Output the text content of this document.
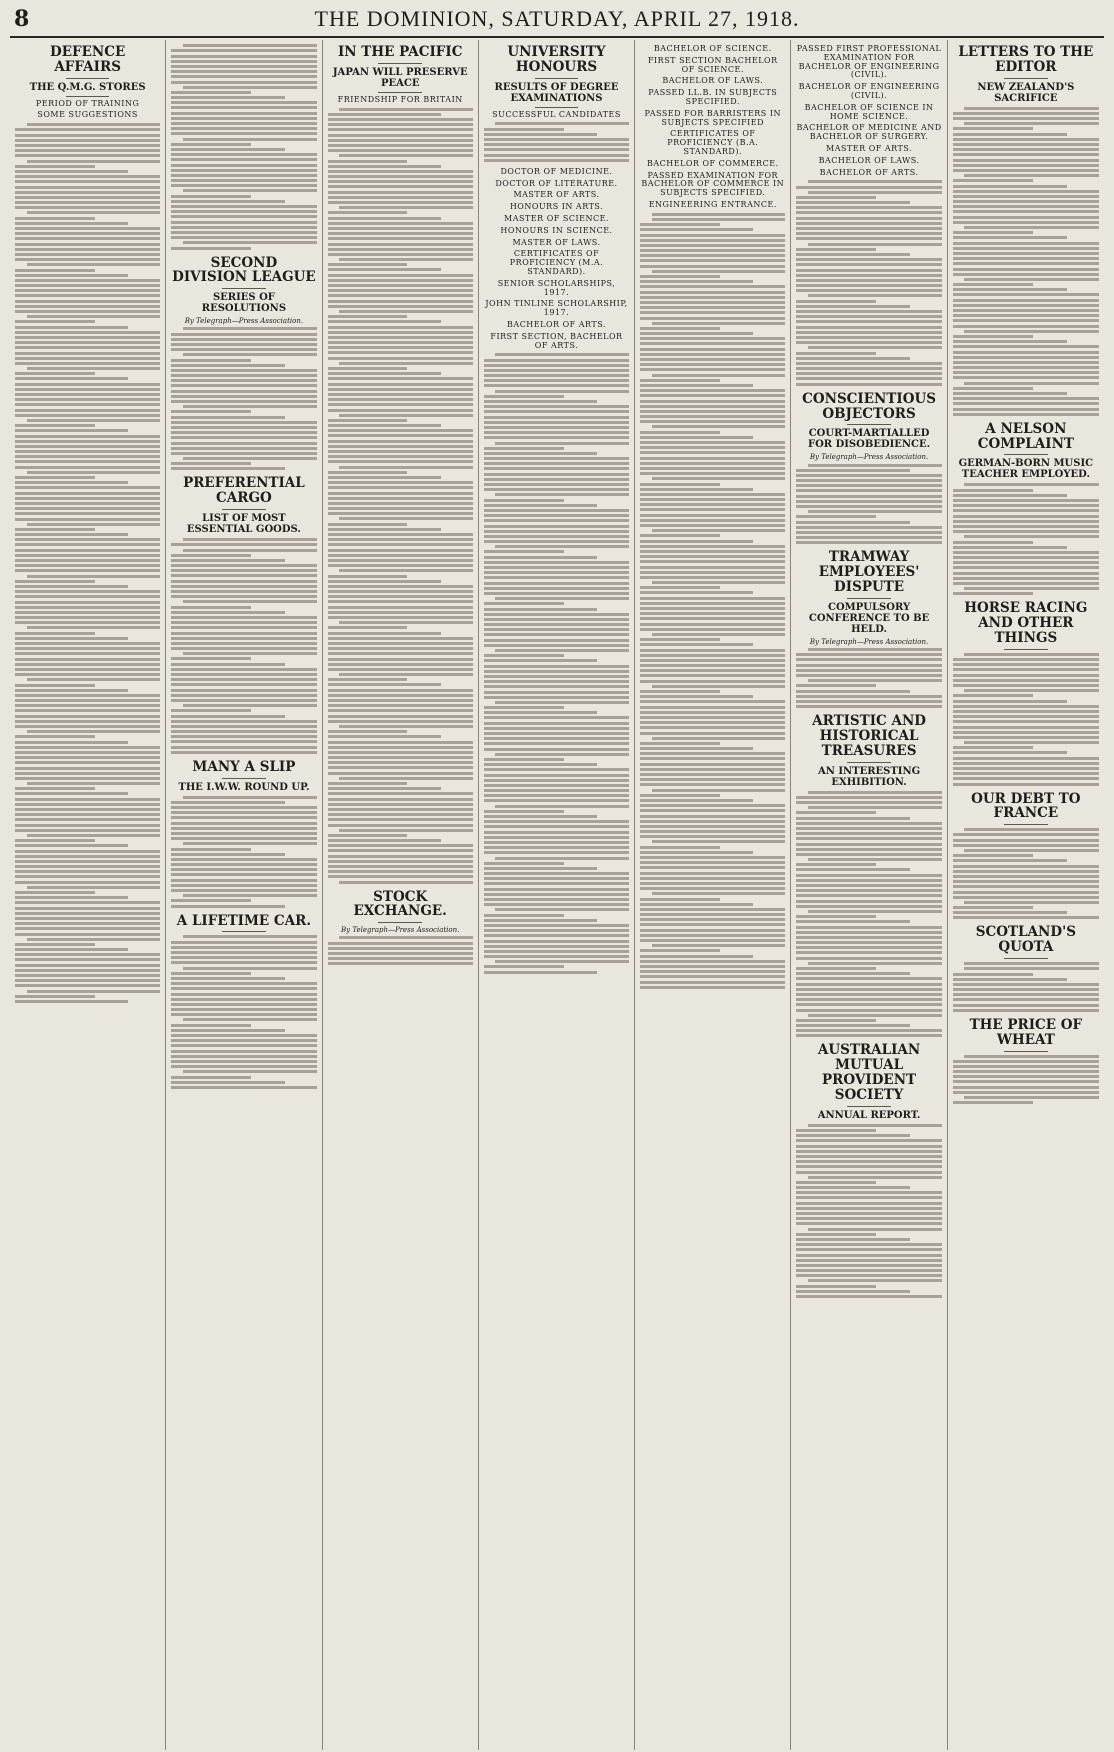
8	THE DOMINION, SATURDAY, APRIL 27, 1918.
DEFENCE AFFAIRS
THE Q.M.G. STORES
PERIOD OF TRAINING
SOME SUGGESTIONS
SECOND DIVISION LEAGUE
SERIES OF RESOLUTIONS
By Telegraph—Press Association.
PREFERENTIAL CARGO
LIST OF MOST ESSENTIAL GOODS.
MANY A SLIP
THE I.W.W. ROUND UP.
A LIFETIME CAR.
IN THE PACIFIC
JAPAN WILL PRESERVE PEACE
FRIENDSHIP FOR BRITAIN
STOCK EXCHANGE.
By Telegraph—Press Association.
UNIVERSITY HONOURS
RESULTS OF DEGREE EXAMINATIONS
SUCCESSFUL CANDIDATES
DOCTOR OF MEDICINE.
DOCTOR OF LITERATURE.
MASTER OF ARTS.
HONOURS IN ARTS.
MASTER OF SCIENCE.
HONOURS IN SCIENCE.
MASTER OF LAWS.
CERTIFICATES OF PROFICIENCY (M.A. STANDARD).
SENIOR SCHOLARSHIPS, 1917.
JOHN TINLINE SCHOLARSHIP, 1917.
BACHELOR OF ARTS.
FIRST SECTION, BACHELOR OF ARTS.
BACHELOR OF SCIENCE.
FIRST SECTION BACHELOR OF SCIENCE.
BACHELOR OF LAWS.
PASSED LL.B. IN SUBJECTS SPECIFIED.
PASSED FOR BARRISTERS IN SUBJECTS SPECIFIED
CERTIFICATES OF PROFICIENCY (B.A. STANDARD).
BACHELOR OF COMMERCE.
PASSED EXAMINATION FOR BACHELOR OF COMMERCE IN SUBJECTS SPECIFIED.
ENGINEERING ENTRANCE.
PASSED FIRST PROFESSIONAL EXAMINATION FOR BACHELOR OF ENGINEERING (CIVIL).
BACHELOR OF ENGINEERING (CIVIL).
BACHELOR OF SCIENCE IN HOME SCIENCE.
BACHELOR OF MEDICINE AND BACHELOR OF SURGERY.
MASTER OF ARTS.
BACHELOR OF LAWS.
BACHELOR OF ARTS.
CONSCIENTIOUS OBJECTORS
COURT-MARTIALLED FOR DISOBEDIENCE.
By Telegraph—Press Association.
TRAMWAY EMPLOYEES' DISPUTE
COMPULSORY CONFERENCE TO BE HELD.
By Telegraph—Press Association.
ARTISTIC AND HISTORICAL TREASURES
AN INTERESTING EXHIBITION.
AUSTRALIAN MUTUAL PROVIDENT SOCIETY
ANNUAL REPORT.
LETTERS TO THE EDITOR
NEW ZEALAND'S SACRIFICE
A NELSON COMPLAINT
GERMAN-BORN MUSIC TEACHER EMPLOYED.
HORSE RACING AND OTHER THINGS
OUR DEBT TO FRANCE
SCOTLAND'S QUOTA
THE PRICE OF WHEAT
